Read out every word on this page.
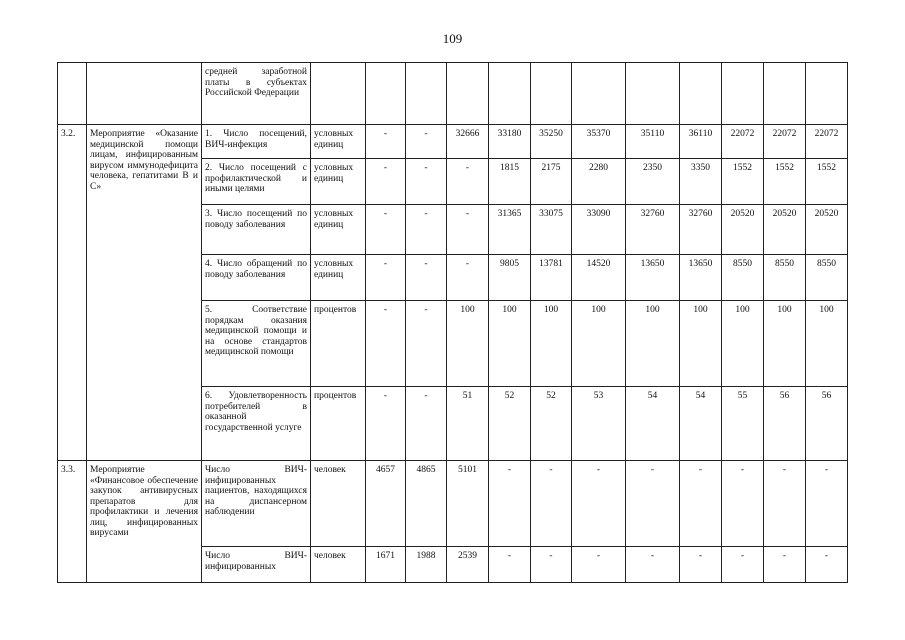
109
		средней заработной платы в субъектах Российской Федерации												
3.2.	Мероприятие «Оказание медицинской помощи лицам, инфицированным вирусом иммунодефицита человека, гепатитами В и С»	1. Число посещений, ВИЧ-инфекция	условных единиц	-	-	32666	33180	35250	35370	35110	36110	22072	22072	22072
		2. Число посещений с профилактической и иными целями	условных единиц	-	-	-	1815	2175	2280	2350	3350	1552	1552	1552
		3. Число посещений по поводу заболевания	условных единиц	-	-	-	31365	33075	33090	32760	32760	20520	20520	20520
		4. Число обращений по поводу заболевания	условных единиц	-	-	-	9805	13781	14520	13650	13650	8550	8550	8550
		5. Соответствие порядкам оказания медицинской помощи и на основе стандартов медицинской помощи	процентов	-	-	100	100	100	100	100	100	100	100	100
		6. Удовлетворенность потребителей в оказанной государственной услуге	процентов	-	-	51	52	52	53	54	54	55	56	56
3.3.	Мероприятие «Финансовое обеспечение закупок антивирусных препаратов для профилактики и лечения лиц, инфицированных вирусами	Число ВИЧ-инфицированных пациентов, находящихся на диспансерном наблюдении	человек	4657	4865	5101	-	-	-	-	-	-	-	-
		Число ВИЧ-инфицированных	человек	1671	1988	2539	-	-	-	-	-	-	-	-
